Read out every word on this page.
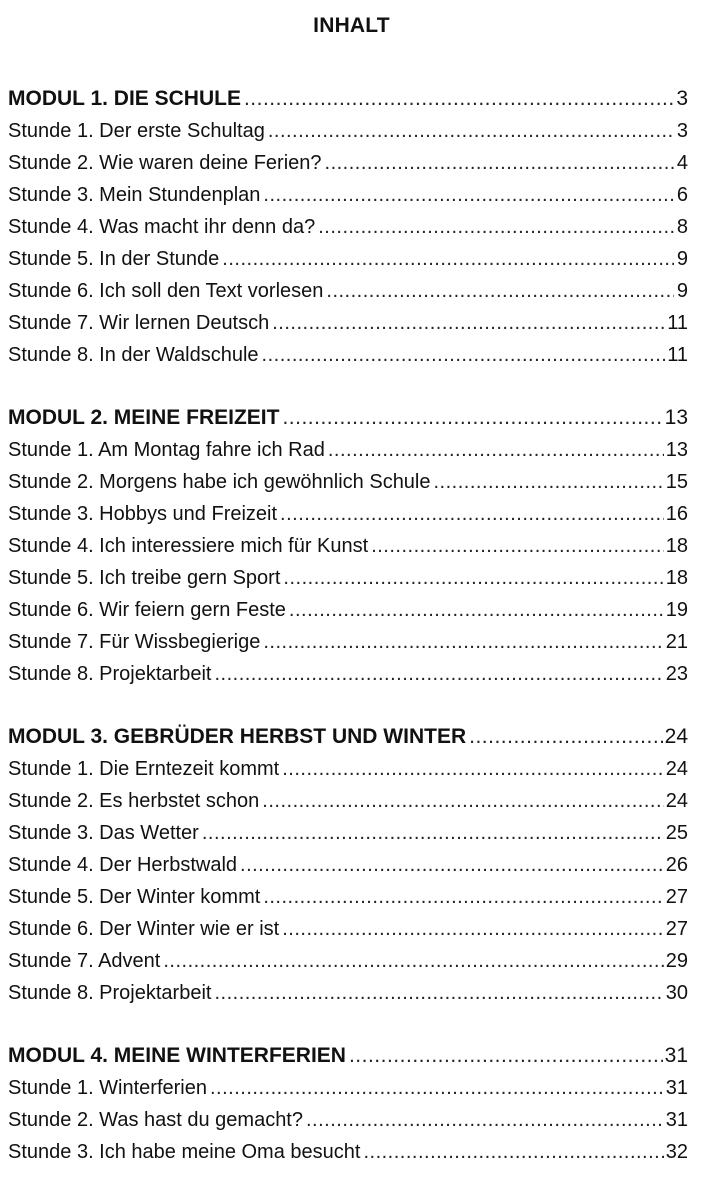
INHALT
MODUL 1. DIE SCHULE .....	3
Stunde 1. Der erste Schultag .....	3
Stunde 2. Wie waren deine Ferien? .....	4
Stunde 3. Mein Stundenplan .....	6
Stunde 4. Was macht ihr denn da? .....	8
Stunde 5. In der Stunde .....	9
Stunde 6. Ich soll den Text vorlesen .....	9
Stunde 7. Wir lernen Deutsch .....	11
Stunde 8. In der Waldschule .....	11
MODUL 2. MEINE FREIZEIT .....	13
Stunde 1. Am Montag fahre ich Rad .....	13
Stunde 2. Morgens habe ich gewöhnlich Schule .....	15
Stunde 3. Hobbys und Freizeit .....	16
Stunde 4. Ich interessiere mich für Kunst .....	18
Stunde 5. Ich treibe gern Sport .....	18
Stunde 6. Wir feiern gern Feste .....	19
Stunde 7. Für Wissbegierige .....	21
Stunde 8. Projektarbeit .....	23
MODUL 3. GEBRÜDER HERBST UND WINTER .....	24
Stunde 1. Die Erntezeit kommt .....	24
Stunde 2. Es herbstet schon .....	24
Stunde 3. Das Wetter .....	25
Stunde 4. Der Herbstwald .....	26
Stunde 5. Der Winter kommt .....	27
Stunde 6. Der Winter wie er ist .....	27
Stunde 7. Advent .....	29
Stunde 8. Projektarbeit .....	30
MODUL 4. MEINE WINTERFERIEN .....	31
Stunde 1. Winterferien .....	31
Stunde 2. Was hast du gemacht? .....	31
Stunde 3. Ich habe meine Oma besucht .....	32
